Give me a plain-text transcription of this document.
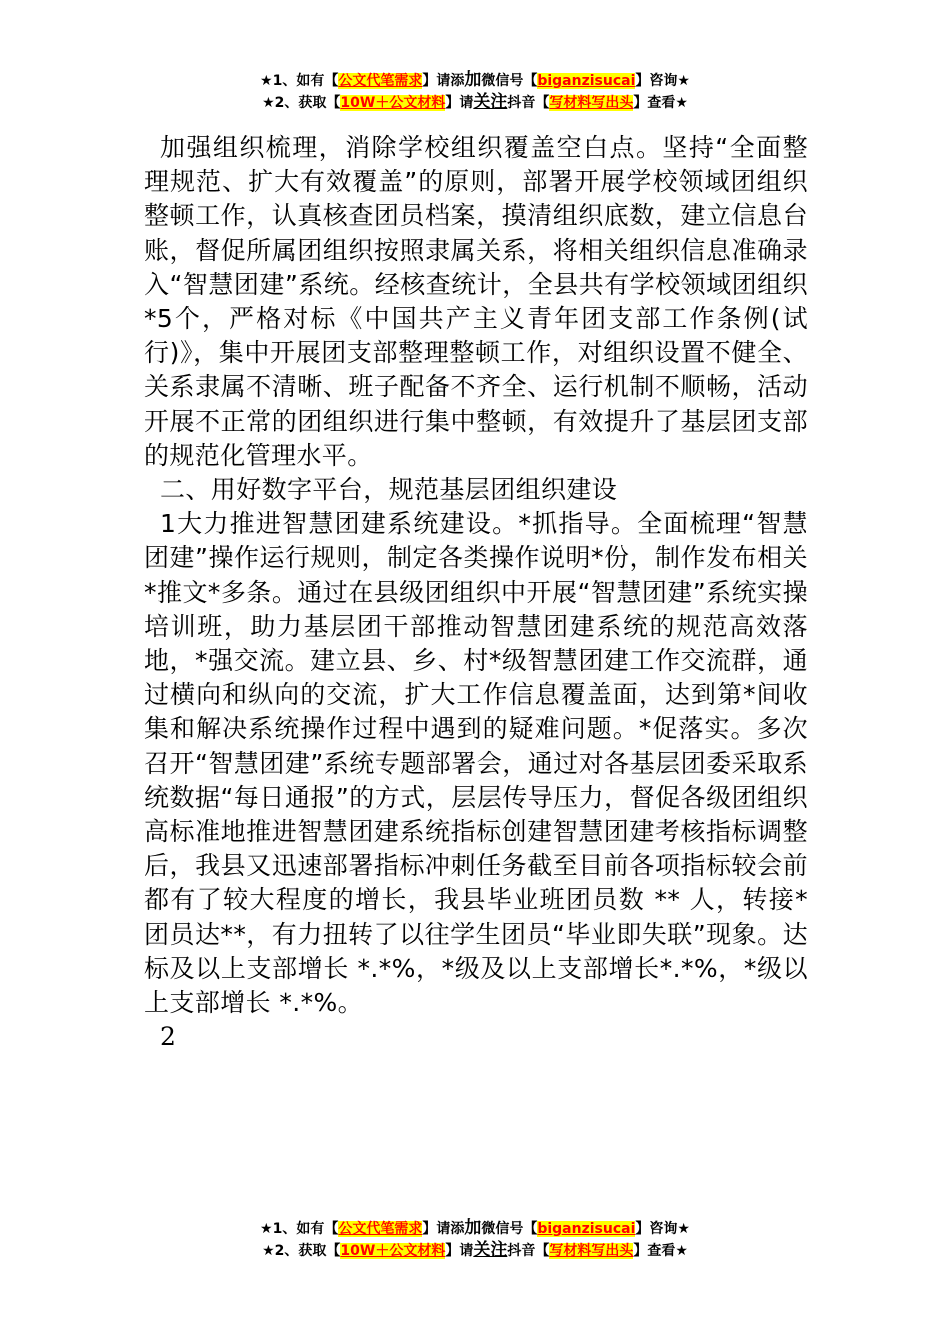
★1、如有【公文代笔需求】请添加微信号【biganzisucai】咨询★
★2、获取【10W＋公文材料】请关注抖音【写材料写出头】查看★

加强组织梳理，消除学校组织覆盖空白点。坚持“全面整理规范、扩大有效覆盖”的原则，部署开展学校领域团组织整顿工作，认真核查团员档案，摸清组织底数，建立信息台账，督促所属团组织按照隶属关系，将相关组织信息准确录入“智慧团建”系统。经核查统计，全县共有学校领域团组织*5个，严格对标《中国共产主义青年团支部工作条例(试行)》，集中开展团支部整理整顿工作，对组织设置不健全、关系隶属不清晰、班子配备不齐全、运行机制不顺畅，活动开展不正常的团组织进行集中整顿，有效提升了基层团支部的规范化管理水平。

二、用好数字平台，规范基层团组织建设

1大力推进智慧团建系统建设。*抓指导。全面梳理“智慧团建”操作运行规则，制定各类操作说明*份，制作发布相关*推文*多条。通过在县级团组织中开展“智慧团建”系统实操培训班，助力基层团干部推动智慧团建系统的规范高效落地，*强交流。建立县、乡、村*级智慧团建工作交流群，通过横向和纵向的交流，扩大工作信息覆盖面，达到第*间收集和解决系统操作过程中遇到的疑难问题。*促落实。多次召开“智慧团建”系统专题部署会，通过对各基层团委采取系统数据“每日通报”的方式，层层传导压力，督促各级团组织高标准地推进智慧团建系统指标创建智慧团建考核指标调整后，我县又迅速部署指标冲刺任务截至目前各项指标较会前都有了较大程度的增长，我县毕业班团员数 ** 人，转接*团员达**，有力扭转了以往学生团员“毕业即失联”现象。达标及以上支部增长 *.*%，*级及以上支部增长*.*%，*级以上支部增长 *.*%。

2

★1、如有【公文代笔需求】请添加微信号【biganzisucai】咨询★
★2、获取【10W＋公文材料】请关注抖音【写材料写出头】查看★
